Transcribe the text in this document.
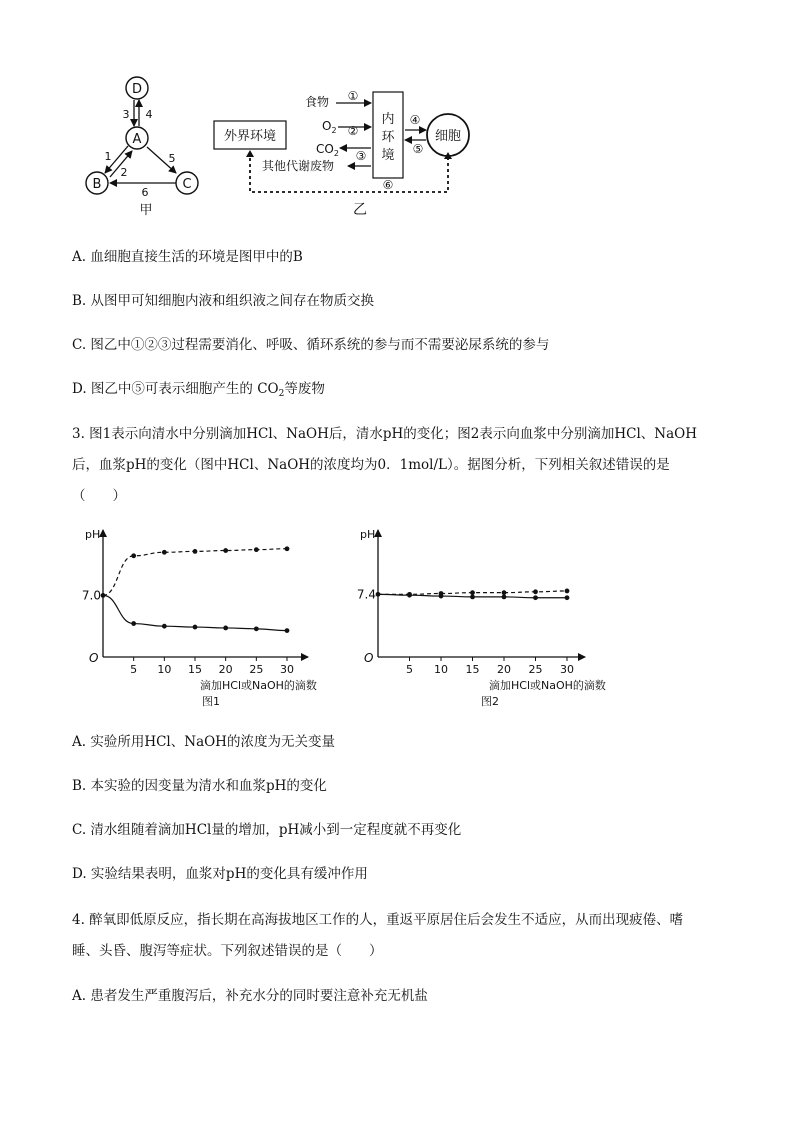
D
A
B	C
3 4
1
2
5
6
甲
外界环境
内
环
境
细胞
食物 ①
$O_2$ ②
$CO_2$ ③
其他代谢废物
④
⑤
⑥
乙
A. 血细胞直接生活的环境是图甲中的B
B. 从图甲可知细胞内液和组织液之间存在物质交换
C. 图乙中①②③过程需要消化、呼吸、循环系统的参与而不需要泌尿系统的参与
D. 图乙中⑤可表示细胞产生的 $CO_2$等废物
3. 图1表示向清水中分别滴加HCl、NaOH后，清水pH的变化；图2表示向血浆中分别滴加HCl、NaOH
后，血浆pH的变化（图中HCl、NaOH的浓度均为0．1mol/L）。据图分析，下列相关叙述错误的是
（　　）
pH
O
5 10 15 20 25 30
7.0
滴加HCl或NaOH的滴数
图1
pH
O
5 10 15 20 25 30
7.4
滴加HCl或NaOH的滴数
图2
A. 实验所用HCl、NaOH的浓度为无关变量
B. 本实验的因变量为清水和血浆pH的变化
C. 清水组随着滴加HCl量的增加，pH减小到一定程度就不再变化
D. 实验结果表明，血浆对pH的变化具有缓冲作用
4. 醉氧即低原反应，指长期在高海拔地区工作的人，重返平原居住后会发生不适应，从而出现疲倦、嗜
睡、头昏、腹泻等症状。下列叙述错误的是（　　）
A. 患者发生严重腹泻后，补充水分的同时要注意补充无机盐
